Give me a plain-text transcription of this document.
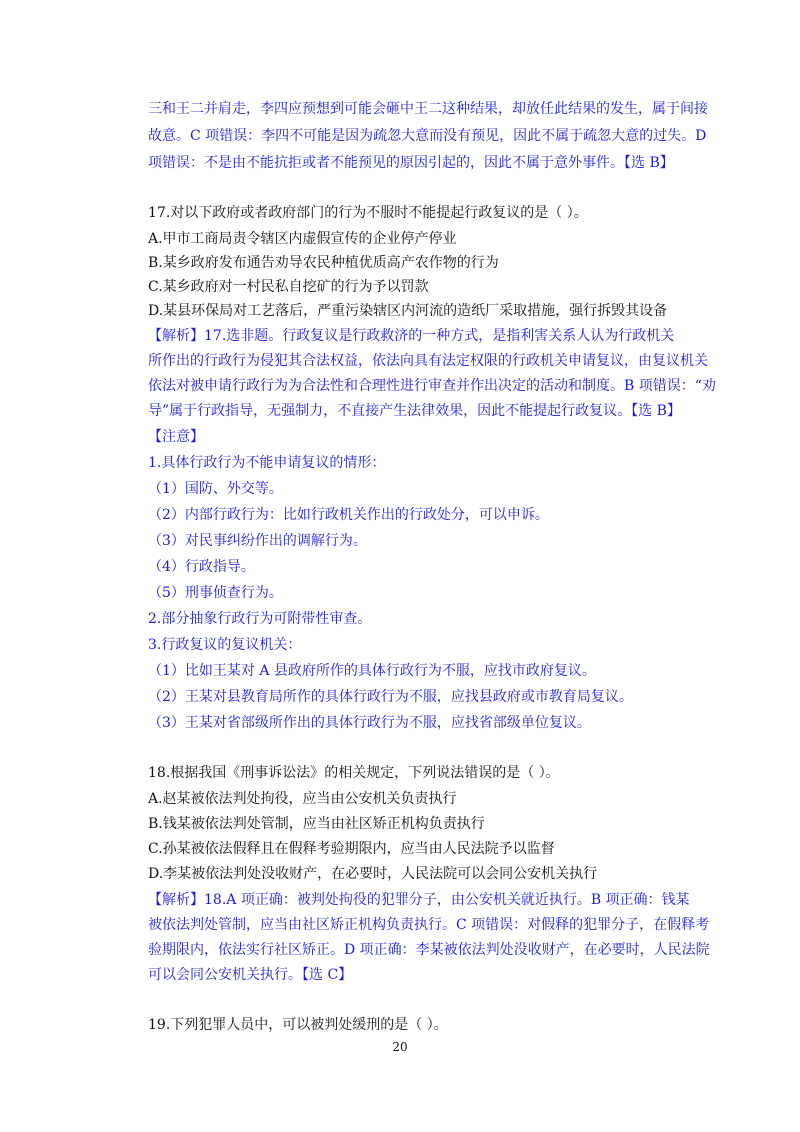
三和王二并肩走，李四应预想到可能会砸中王二这种结果，却放任此结果的发生，属于间接
故意。C 项错误：李四不可能是因为疏忽大意而没有预见，因此不属于疏忽大意的过失。D
项错误：不是由不能抗拒或者不能预见的原因引起的，因此不属于意外事件。【选 B】
17.对以下政府或者政府部门的行为不服时不能提起行政复议的是（ ）。
A.甲市工商局责令辖区内虚假宣传的企业停产停业
B.某乡政府发布通告劝导农民种植优质高产农作物的行为
C.某乡政府对一村民私自挖矿的行为予以罚款
D.某县环保局对工艺落后，严重污染辖区内河流的造纸厂采取措施，强行拆毁其设备
【解析】17.选非题。行政复议是行政救济的一种方式，是指利害关系人认为行政机关
所作出的行政行为侵犯其合法权益，依法向具有法定权限的行政机关申请复议，由复议机关
依法对被申请行政行为为合法性和合理性进行审查并作出决定的活动和制度。B 项错误：“劝
导”属于行政指导，无强制力，不直接产生法律效果，因此不能提起行政复议。【选 B】
【注意】
1.具体行政行为不能申请复议的情形：
（1）国防、外交等。
（2）内部行政行为：比如行政机关作出的行政处分，可以申诉。
（3）对民事纠纷作出的调解行为。
（4）行政指导。
（5）刑事侦查行为。
2.部分抽象行政行为可附带性审查。
3.行政复议的复议机关：
（1）比如王某对 A 县政府所作的具体行政行为不服，应找市政府复议。
（2）王某对县教育局所作的具体行政行为不服，应找县政府或市教育局复议。
（3）王某对省部级所作出的具体行政行为不服，应找省部级单位复议。
18.根据我国《刑事诉讼法》的相关规定，下列说法错误的是（ ）。
A.赵某被依法判处拘役，应当由公安机关负责执行
B.钱某被依法判处管制，应当由社区矫正机构负责执行
C.孙某被依法假释且在假释考验期限内，应当由人民法院予以监督
D.李某被依法判处没收财产，在必要时，人民法院可以会同公安机关执行
【解析】18.A 项正确：被判处拘役的犯罪分子，由公安机关就近执行。B 项正确：钱某
被依法判处管制，应当由社区矫正机构负责执行。C 项错误：对假释的犯罪分子，在假释考
验期限内，依法实行社区矫正。D 项正确：李某被依法判处没收财产，在必要时，人民法院
可以会同公安机关执行。【选 C】
19.下列犯罪人员中，可以被判处缓刑的是（ ）。
20
